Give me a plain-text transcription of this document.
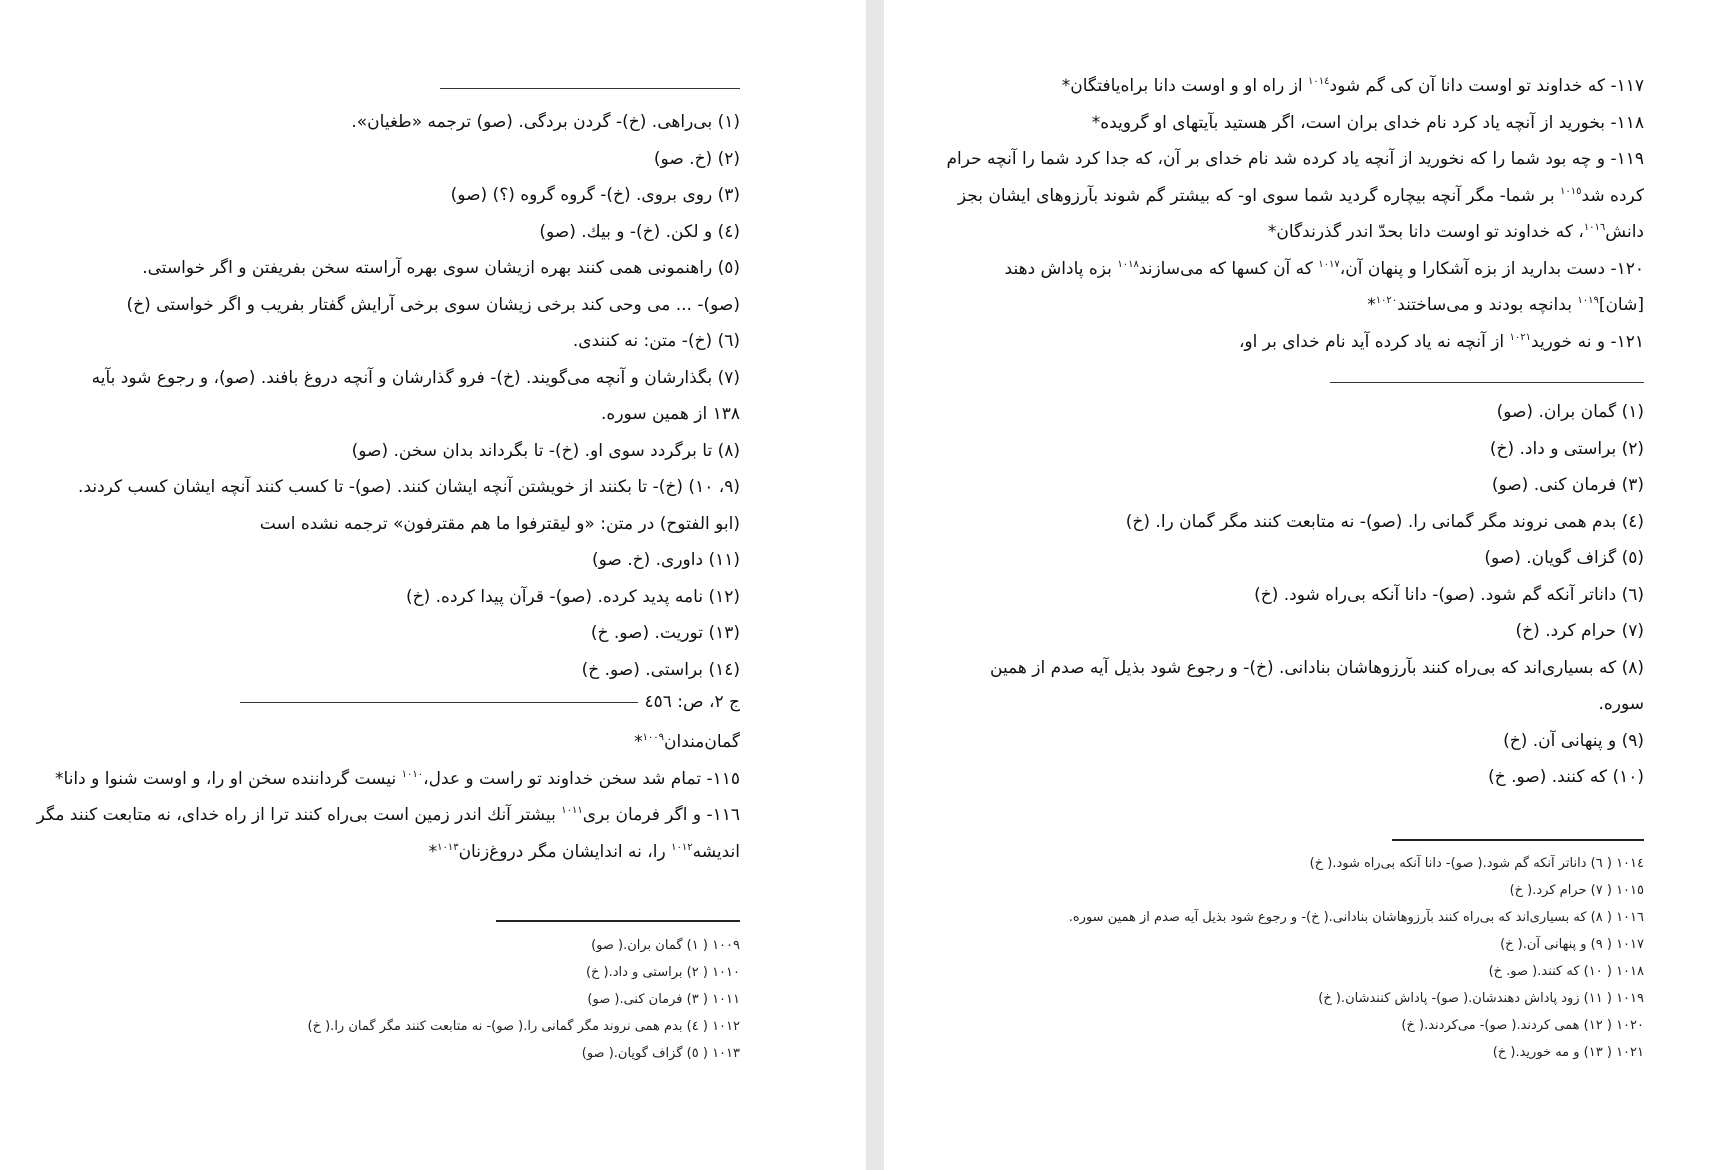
(١) بی‌راهی. (خ)- گردن بردگی. (صو) ترجمه «طغیان».
(٢) (خ. صو)
(٣) روی بروی. (خ)- گروه گروه (؟) (صو)
(٤) و لکن. (خ)- و بیك. (صو)
(٥) راهنمونی همی کنند بهره ازیشان سوی بهره آراسته سخن بفریفتن و اگر خواستی.
(صو)- ... می وحی کند برخی زیشان سوی برخی آرایش گفتار بفریب و اگر خواستی (خ)
(٦) (خ)- متن: نه کنندی.
(٧) بگذارشان و آنچه می‌گویند. (خ)- فرو گذارشان و آنچه دروغ بافند. (صو)، و رجوع شود بآیه
١٣٨ از همین سوره.
(٨) تا برگردد سوی او. (خ)- تا بگرداند بدان سخن. (صو)
(٩، ١٠) (خ)- تا بکنند از خویشتن آنچه ایشان کنند. (صو)- تا کسب کنند آنچه ایشان کسب کردند.
(ابو الفتوح) در متن: «و لیقترفوا ما هم مقترفون» ترجمه نشده است
(١١) داوری. (خ. صو)
(١٢) نامه پدید کرده. (صو)- قرآن پیدا کرده. (خ)
(١٣) توریت. (صو. خ)
(١٤) براستی. (صو. خ)
ج ٢، ص: ٤٥٦
گمان‌مندان$^{١٠٠٩}$*
١١٥- تمام شد سخن خداوند تو راست و عدل،$^{١٠١٠}$ نیست گرداننده سخن او را، و اوست شنوا و دانا*
١١٦- و اگر فرمان بری$^{١٠١١}$ بیشتر آنك اندر زمین است بی‌راه کنند ترا از راه خدای، نه متابعت کنند مگر
اندیشه$^{١٠١٢}$ را، نه اندایشان مگر دروغ‌زنان$^{١٠١٣}$*
١٠٠٩ ( ١) گمان بران.( صو)
١٠١٠ ( ٢) براستی و داد.( خ)
١٠١١ ( ٣) فرمان کنی.( صو)
١٠١٢ ( ٤) بدم همی نروند مگر گمانی را.( صو)- نه متابعت کنند مگر گمان را.( خ)
١٠١٣ ( ٥) گزاف گویان.( صو)
١١٧- که خداوند تو اوست دانا آن کی گم شود$^{١٠١٤}$ از راه او و اوست دانا براه‌یافتگان*
١١٨- بخورید از آنچه یاد کرد نام خدای بران است، اگر هستید بآیتهای او گرویده*
١١٩- و چه بود شما را که نخورید از آنچه یاد کرده شد نام خدای بر آن، که جدا کرد شما را آنچه حرام
کرده شد$^{١٠١٥}$ بر شما- مگر آنچه بیچاره گردید شما سوی او- که بیشتر گم شوند بآرزوهای ایشان بجز
دانش$^{١٠١٦}$، که خداوند تو اوست دانا بحدّ اندر گذرندگان*
١٢٠- دست بدارید از بزه آشکارا و پنهان آن،$^{١٠١٧}$ که آن کسها که می‌سازند$^{١٠١٨}$ بزه پاداش دهند
[شان]$^{١٠١٩}$ بدانچه بودند و می‌ساختند$^{١٠٢٠}$*
١٢١- و نه خورید$^{١٠٢١}$ از آنچه نه یاد کرده آید نام خدای بر او،
(١) گمان بران. (صو)
(٢) براستی و داد. (خ)
(٣) فرمان کنی. (صو)
(٤) بدم همی نروند مگر گمانی را. (صو)- نه متابعت کنند مگر گمان را. (خ)
(٥) گزاف گویان. (صو)
(٦) داناتر آنکه گم شود. (صو)- دانا آنکه بی‌راه شود. (خ)
(٧) حرام کرد. (خ)
(٨) که بسیاری‌اند که بی‌راه کنند بآرزوهاشان بنادانی. (خ)- و رجوع شود بذیل آیه صدم از همین
سوره.
(٩) و پنهانی آن. (خ)
(١٠) که کنند. (صو. خ)
١٠١٤ ( ٦) داناتر آنکه گم شود.( صو)- دانا آنکه بی‌راه شود.( خ)
١٠١٥ ( ٧) حرام کرد.( خ)
١٠١٦ ( ٨) که بسیاری‌اند که بی‌راه کنند بآرزوهاشان بنادانی.( خ)- و رجوع شود بذیل آیه صدم از همین سوره.
١٠١٧ ( ٩) و پنهانی آن.( خ)
١٠١٨ ( ١٠) که کنند.( صو. خ)
١٠١٩ ( ١١) زود پاداش دهندشان.( صو)- پاداش کنندشان.( خ)
١٠٢٠ ( ١٢) همی کردند.( صو)- می‌کردند.( خ)
١٠٢١ ( ١٣) و مه خورید.( خ)
